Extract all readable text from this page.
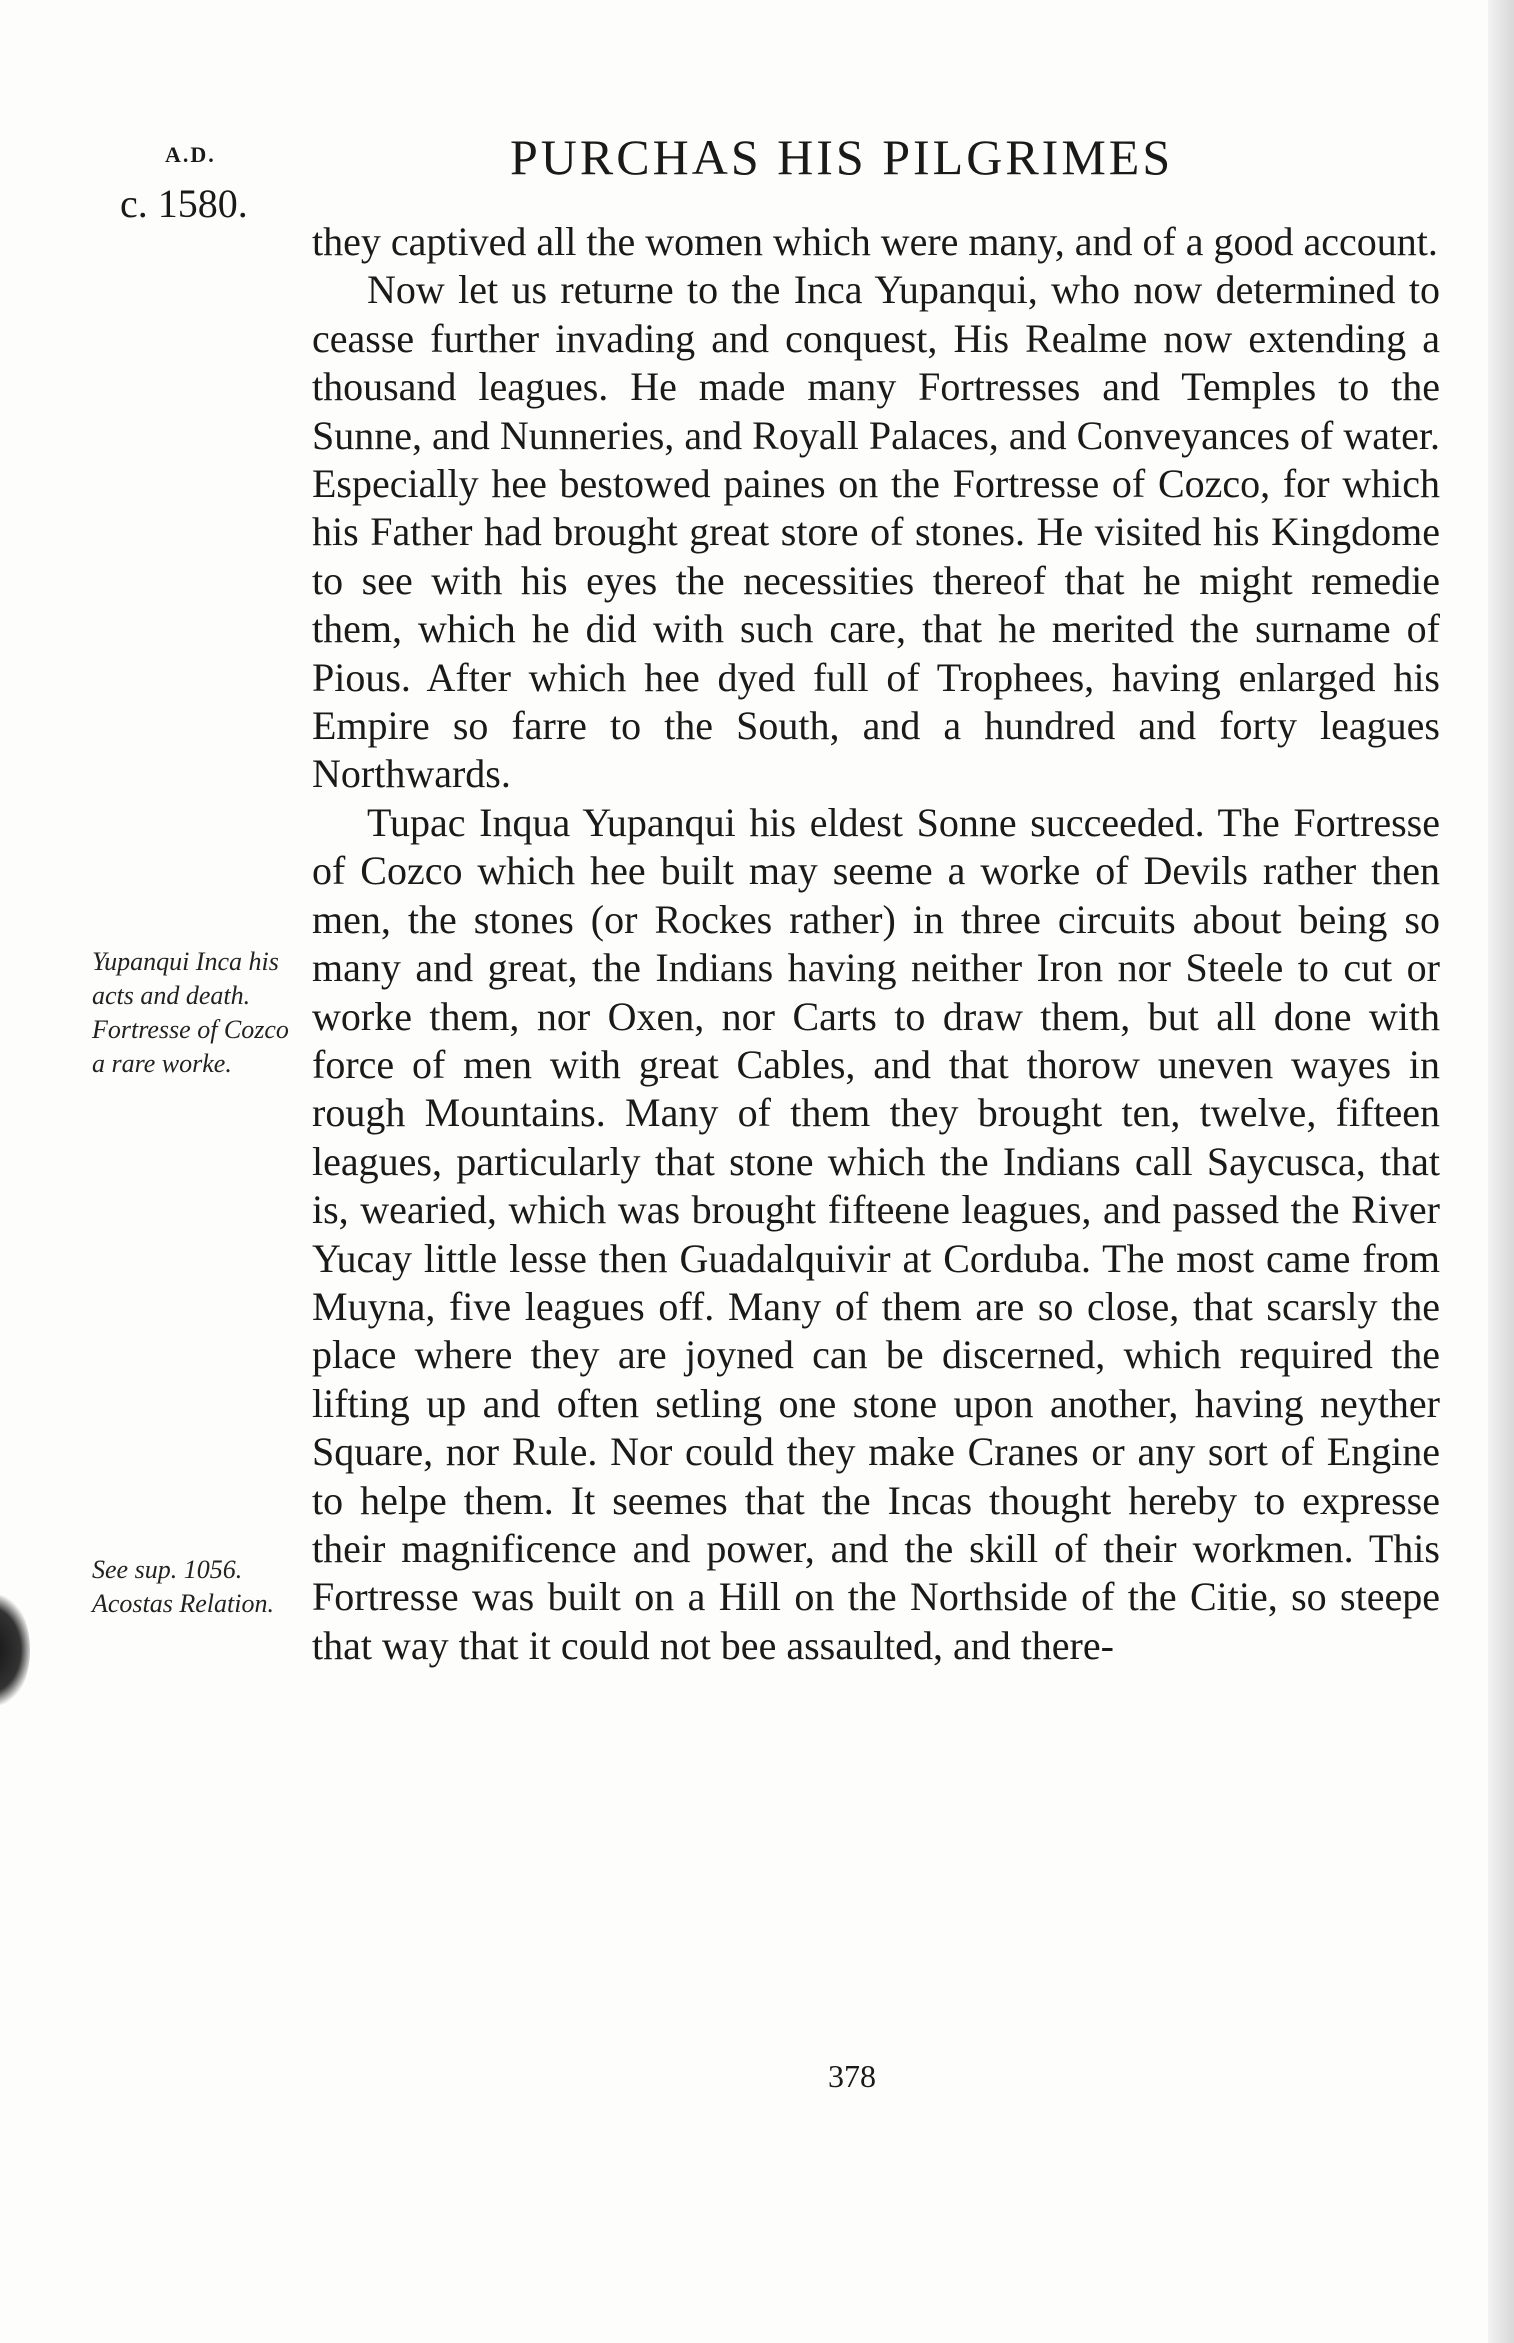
A.D.
c. 1580.
PURCHAS HIS PILGRIMES
Yupanqui Inca his acts and death. Fortresse of Cozco a rare worke.
See sup. 1056. Acostas Relation.

they captived all the women which were many, and of a good account.

Now let us returne to the Inca Yupanqui, who now determined to ceasse further invading and conquest, His Realme now extending a thousand leagues. He made many Fortresses and Temples to the Sunne, and Nunneries, and Royall Palaces, and Conveyances of water. Especially hee bestowed paines on the Fortresse of Cozco, for which his Father had brought great store of stones. He visited his Kingdome to see with his eyes the necessities thereof that he might remedie them, which he did with such care, that he merited the surname of Pious. After which hee dyed full of Trophees, having enlarged his Empire so farre to the South, and a hundred and forty leagues Northwards.

Tupac Inqua Yupanqui his eldest Sonne succeeded. The Fortresse of Cozco which hee built may seeme a worke of Devils rather then men, the stones (or Rockes rather) in three circuits about being so many and great, the Indians having neither Iron nor Steele to cut or worke them, nor Oxen, nor Carts to draw them, but all done with force of men with great Cables, and that thorow uneven wayes in rough Mountains. Many of them they brought ten, twelve, fifteen leagues, particularly that stone which the Indians call Saycusca, that is, wearied, which was brought fifteene leagues, and passed the River Yucay little lesse then Guadalquivir at Corduba. The most came from Muyna, five leagues off. Many of them are so close, that scarsly the place where they are joyned can be discerned, which required the lifting up and often setling one stone upon another, having neyther Square, nor Rule. Nor could they make Cranes or any sort of Engine to helpe them. It seemes that the Incas thought hereby to expresse their magnificence and power, and the skill of their workmen. This Fortresse was built on a Hill on the Northside of the Citie, so steepe that way that it could not bee assaulted, and there-

378
